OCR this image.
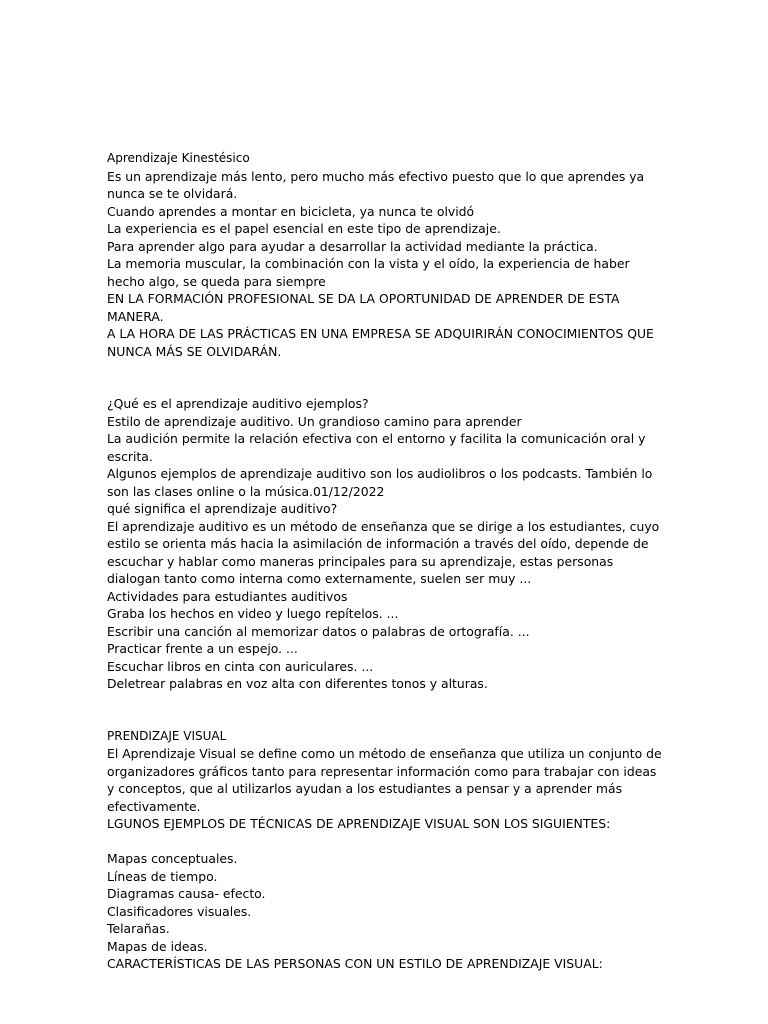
Aprendizaje Kinestésico
Es un aprendizaje más lento, pero mucho más efectivo puesto que lo que aprendes ya nunca se te olvidará.
Cuando aprendes a montar en bicicleta, ya nunca te olvidó
La experiencia es el papel esencial en este tipo de aprendizaje.
Para aprender algo para ayudar a desarrollar la actividad mediante la práctica.
La memoria muscular, la combinación con la vista y el oído, la experiencia de haber hecho algo, se queda para siempre
EN LA FORMACIÓN PROFESIONAL SE DA LA OPORTUNIDAD DE APRENDER DE ESTA MANERA.
A LA HORA DE LAS PRÁCTICAS EN UNA EMPRESA SE ADQUIRIRÁN CONOCIMIENTOS QUE NUNCA MÁS SE OLVIDARÁN.
¿Qué es el aprendizaje auditivo ejemplos?
Estilo de aprendizaje auditivo. Un grandioso camino para aprender
La audición permite la relación efectiva con el entorno y facilita la comunicación oral y escrita.
Algunos ejemplos de aprendizaje auditivo son los audiolibros o los podcasts. También lo son las clases online o la música.01/12/2022
qué significa el aprendizaje auditivo?
El aprendizaje auditivo es un método de enseñanza que se dirige a los estudiantes, cuyo estilo se orienta más hacia la asimilación de información a través del oído, depende de escuchar y hablar como maneras principales para su aprendizaje, estas personas dialogan tanto como interna como externamente, suelen ser muy ...
Actividades para estudiantes auditivos
Graba los hechos en video y luego repítelos. ...
Escribir una canción al memorizar datos o palabras de ortografía. ...
Practicar frente a un espejo. ...
Escuchar libros en cinta con auriculares. ...
Deletrear palabras en voz alta con diferentes tonos y alturas.
PRENDIZAJE VISUAL
El Aprendizaje Visual se define como un método de enseñanza que utiliza un conjunto de organizadores gráficos tanto para representar información como para trabajar con ideas y conceptos, que al utilizarlos ayudan a los estudiantes a pensar y a aprender más efectivamente.
LGUNOS EJEMPLOS DE TÉCNICAS DE APRENDIZAJE VISUAL SON LOS SIGUIENTES:
Mapas conceptuales.
Líneas de tiempo.
Diagramas causa- efecto.
Clasificadores visuales.
Telarañas.
Mapas de ideas.
CARACTERÍSTICAS DE LAS PERSONAS CON UN ESTILO DE APRENDIZAJE VISUAL:
